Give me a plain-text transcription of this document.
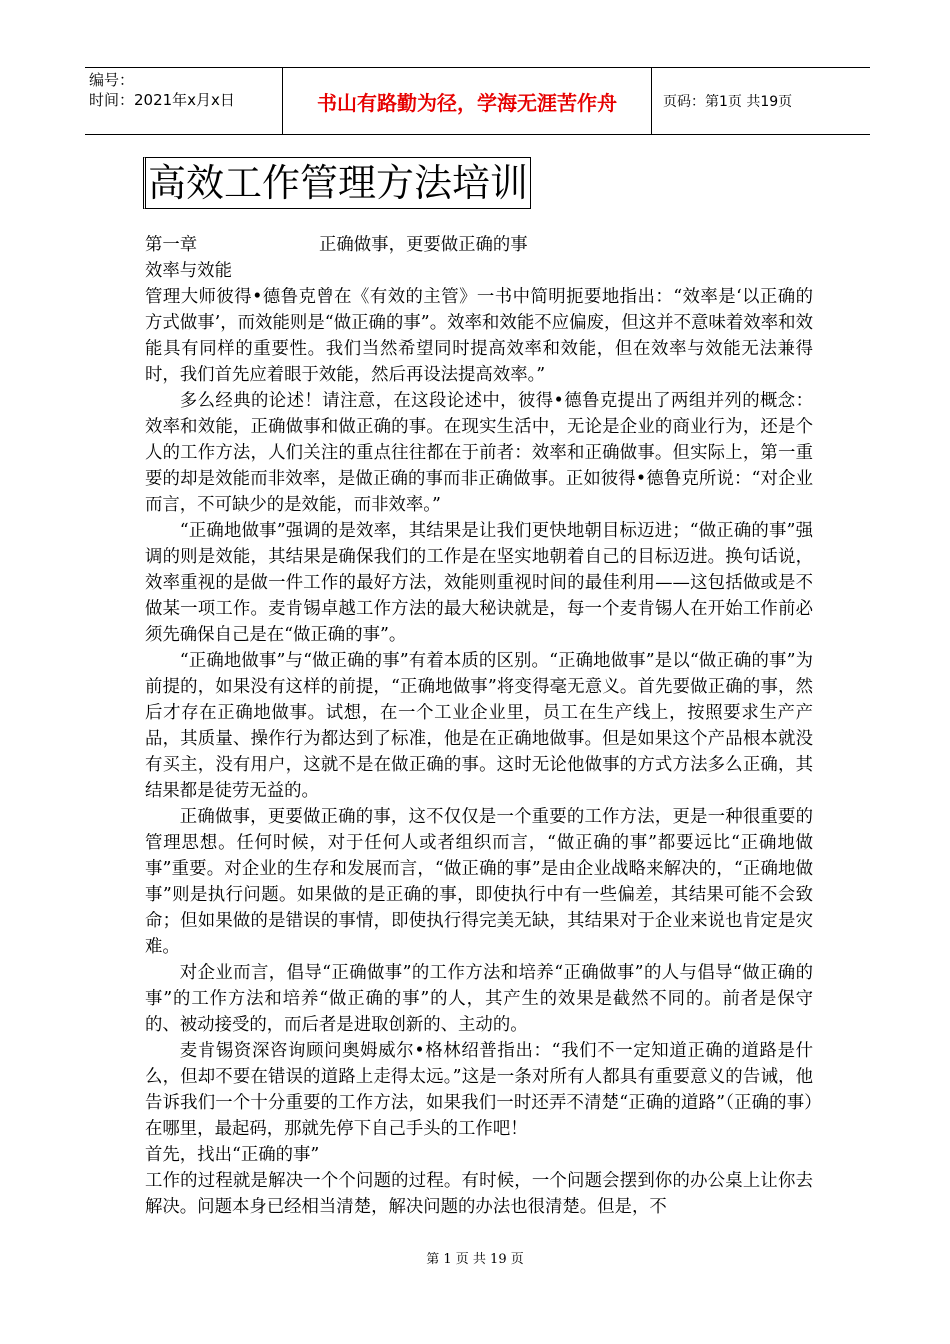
编号：
时间：2021年x月x日	书山有路勤为径，学海无涯苦作舟	页码：第1页 共19页
高效工作管理方法培训
第一章	正确做事，更要做正确的事
效率与效能
管理大师彼得•德鲁克曾在《有效的主管》一书中简明扼要地指出：“效率是‘以正确的方式做事’，而效能则是“做正确的事”。效率和效能不应偏废，但这并不意味着效率和效能具有同样的重要性。我们当然希望同时提高效率和效能，但在效率与效能无法兼得时，我们首先应着眼于效能，然后再设法提高效率。”
多么经典的论述！请注意，在这段论述中，彼得•德鲁克提出了两组并列的概念：效率和效能，正确做事和做正确的事。在现实生活中，无论是企业的商业行为，还是个人的工作方法，人们关注的重点往往都在于前者：效率和正确做事。但实际上，第一重要的却是效能而非效率，是做正确的事而非正确做事。正如彼得•德鲁克所说：“对企业而言，不可缺少的是效能，而非效率。”
“正确地做事”强调的是效率，其结果是让我们更快地朝目标迈进；“做正确的事”强调的则是效能，其结果是确保我们的工作是在坚实地朝着自己的目标迈进。换句话说，效率重视的是做一件工作的最好方法，效能则重视时间的最佳利用——这包括做或是不做某一项工作。麦肯锡卓越工作方法的最大秘诀就是，每一个麦肯锡人在开始工作前必须先确保自己是在“做正确的事”。
“正确地做事”与“做正确的事”有着本质的区别。“正确地做事”是以“做正确的事”为前提的，如果没有这样的前提，“正确地做事”将变得毫无意义。首先要做正确的事，然后才存在正确地做事。试想，在一个工业企业里，员工在生产线上，按照要求生产产品，其质量、操作行为都达到了标准，他是在正确地做事。但是如果这个产品根本就没有买主，没有用户，这就不是在做正确的事。这时无论他做事的方式方法多么正确，其结果都是徒劳无益的。
正确做事，更要做正确的事，这不仅仅是一个重要的工作方法，更是一种很重要的管理思想。任何时候，对于任何人或者组织而言，“做正确的事”都要远比“正确地做事”重要。对企业的生存和发展而言，“做正确的事”是由企业战略来解决的，“正确地做事”则是执行问题。如果做的是正确的事，即使执行中有一些偏差，其结果可能不会致命；但如果做的是错误的事情，即使执行得完美无缺，其结果对于企业来说也肯定是灾难。
对企业而言，倡导“正确做事”的工作方法和培养“正确做事”的人与倡导“做正确的事”的工作方法和培养“做正确的事”的人，其产生的效果是截然不同的。前者是保守的、被动接受的，而后者是进取创新的、主动的。
麦肯锡资深咨询顾问奥姆威尔•格林绍普指出：“我们不一定知道正确的道路是什么，但却不要在错误的道路上走得太远。”这是一条对所有人都具有重要意义的告诫，他告诉我们一个十分重要的工作方法，如果我们一时还弄不清楚“正确的道路”（正确的事）在哪里，最起码，那就先停下自己手头的工作吧！
首先，找出“正确的事”
工作的过程就是解决一个个问题的过程。有时候，一个问题会摆到你的办公桌上让你去解决。问题本身已经相当清楚，解决问题的办法也很清楚。但是，不
第 1 页 共 19 页
